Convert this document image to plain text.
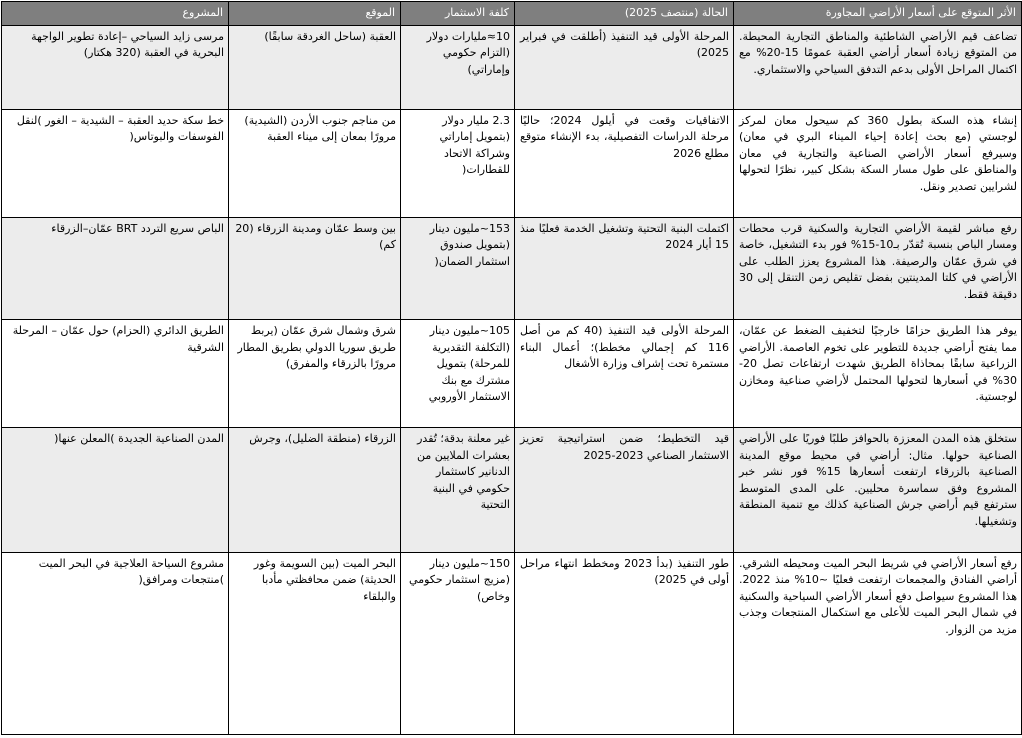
الأثر المتوقع على أسعار الأراضي المجاورة	الحالة (منتصف 2025)	كلفة الاستثمار	الموقع	المشروع
تضاعف قيم الأراضي الشاطئية والمناطق التجارية المحيطة. من المتوقع زيادة أسعار أراضي العقبة عمومًا 15-20% مع اكتمال المراحل الأولى بدعم التدفق السياحي والاستثماري.	المرحلة الأولى قيد التنفيذ (أطلقت في فبراير 2025)	10≈مليارات دولار (التزام حكومي وإماراتي)	العقبة (ساحل الغردقة سابقًا)	مرسى زايد السياحي –إعادة تطوير الواجهة البحرية في العقبة (320 هكتار)
إنشاء هذه السكة بطول 360 كم سيحول معان لمركز لوجستي (مع بحث إعادة إحياء الميناء البري في معان) وسيرفع أسعار الأراضي الصناعية والتجارية في معان والمناطق على طول مسار السكة بشكل كبير، نظرًا لتحولها لشرايين تصدير ونقل.	الاتفاقيات وقعت في أيلول 2024؛ حاليًا مرحلة الدراسات التفصيلية، بدء الإنشاء متوقع مطلع 2026	2.3 مليار دولار (بتمويل إماراتي وشراكة الاتحاد للقطارات(	من مناجم جنوب الأردن (الشيدية) مرورًا بمعان إلى ميناء العقبة	خط سكة حديد العقبة – الشيدية – الغور )لنقل الفوسفات والبوتاس(
رفع مباشر لقيمة الأراضي التجارية والسكنية قرب محطات ومسار الباص بنسبة تُقدّر بـ10-15% فور بدء التشغيل، خاصة في شرق عمّان والرصيفة. هذا المشروع يعزز الطلب على الأراضي في كلتا المدينتين بفضل تقليص زمن التنقل إلى 30 دقيقة فقط.	اكتملت البنية التحتية وتشغيل الخدمة فعليًا منذ 15 أيار 2024	153~مليون دينار (بتمويل صندوق استثمار الضمان(	بين وسط عمّان ومدينة الزرقاء (20 كم)	الباص سريع التردد BRT عمّان–الزرقاء
يوفر هذا الطريق حزامًا خارجيًا لتخفيف الضغط عن عمّان، مما يفتح أراضي جديدة للتطوير على تخوم العاصمة. الأراضي الزراعية سابقًا بمحاذاة الطريق شهدت ارتفاعات تصل 20-30% في أسعارها لتحولها المحتمل لأراضي صناعية ومخازن لوجستية.	المرحلة الأولى قيد التنفيذ (40 كم من أصل 116 كم إجمالي مخطط)؛ أعمال البناء مستمرة تحت إشراف وزارة الأشغال	105~مليون دينار (التكلفة التقديرية للمرحلة) بتمويل مشترك مع بنك الاستثمار الأوروبي	شرق وشمال شرق عمّان (يربط طريق سوريا الدولي بطريق المطار مرورًا بالزرقاء والمفرق)	الطريق الدائري (الحزام) حول عمّان – المرحلة الشرقية
ستخلق هذه المدن المعززة بالحوافز طلبًا فوريًا على الأراضي الصناعية حولها. مثال: أراضي في محيط موقع المدينة الصناعية بالزرقاء ارتفعت أسعارها 15% فور نشر خبر المشروع وفق سماسرة محليين. على المدى المتوسط سترتفع قيم أراضي جرش الصناعية كذلك مع تنمية المنطقة وتشغيلها.	قيد التخطيط؛ ضمن استراتيجية تعزيز الاستثمار الصناعي 2023-2025	غير معلنة بدقة؛ تُقدر بعشرات الملايين من الدنانير كاستثمار حكومي في البنية التحتية	الزرقاء (منطقة الضليل)، وجرش	المدن الصناعية الجديدة )المعلن عنها(
رفع أسعار الأراضي في شريط البحر الميت ومحيطه الشرقي. أراضي الفنادق والمجمعات ارتفعت فعليًا ~10% منذ 2022. هذا المشروع سيواصل دفع أسعار الأراضي السياحية والسكنية في شمال البحر الميت للأعلى مع استكمال المنتجعات وجذب مزيد من الزوار.	طور التنفيذ (بدأ 2023 ومخطط انتهاء مراحل أولى في 2025)	150~مليون دينار (مزيج استثمار حكومي وخاص)	البحر الميت (بين السويمة وغور الحديثة) ضمن محافظتي مأدبا والبلقاء	مشروع السياحة العلاجية في البحر الميت )منتجعات ومرافق(
